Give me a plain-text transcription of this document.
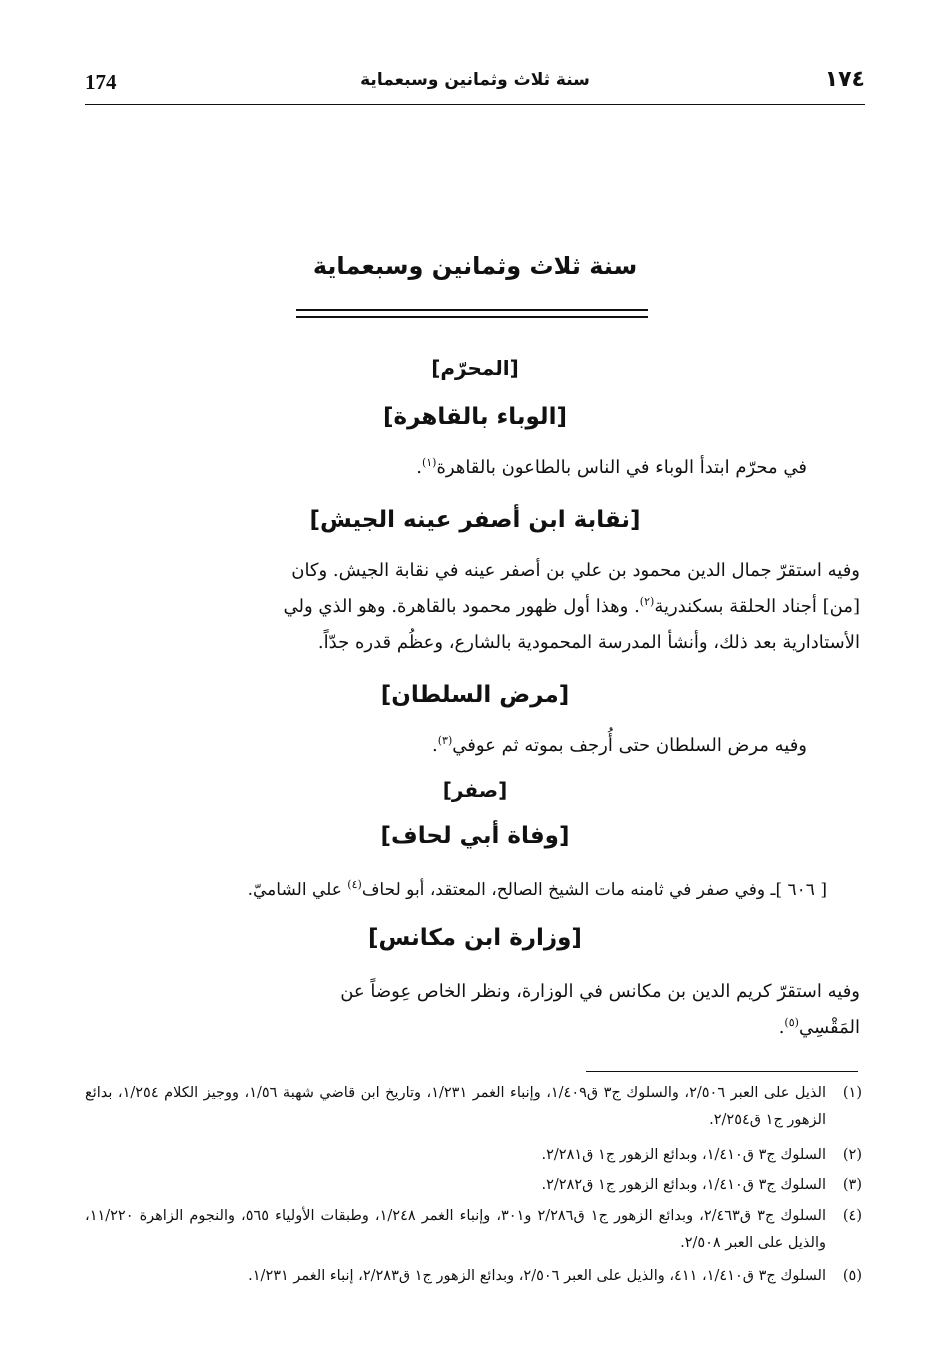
174	سنة ثلاث وثمانين وسبعماية	١٧٤
سنة ثلاث وثمانين وسبعماية
[المحرّم]
[الوباء بالقاهرة]
في محرّم ابتدأ الوباء في الناس بالطاعون بالقاهرة$^{(١)}$.
[نقابة ابن أصفر عينه الجيش]
وفيه استقرّ جمال الدين محمود بن علي بن أصفر عينه في نقابة الجيش. وكان
[من] أجناد الحلقة بسكندرية$^{(٢)}$. وهذا أول ظهور محمود بالقاهرة. وهو الذي ولي
الأستادارية بعد ذلك، وأنشأ المدرسة المحمودية بالشارع، وعظُم قدره جدّاً.
[مرض السلطان]
وفيه مرض السلطان حتى أُرجف بموته ثم عوفي$^{(٣)}$.
[صفر]
[وفاة أبي لحاف]
[ ٦٠٦ ]ـ وفي صفر في ثامنه مات الشيخ الصالح، المعتقد، أبو لحاف$^{(٤)}$ علي الشاميّ.
[وزارة ابن مكانس]
وفيه استقرّ كريم الدين بن مكانس في الوزارة، ونظر الخاص عِوضاً عن
المَقْسِي$^{(٥)}$.
(١)
الذيل على العبر ٢/٥٠٦، والسلوك ج٣ ق١/٤٠٩، وإنباء الغمر ١/٢٣١، وتاريخ ابن قاضي شهبة ١/٥٦، ووجيز الكلام ١/٢٥٤، بدائع الزهور ج١ ق٢/٢٥٤.
(٢)
السلوك ج٣ ق١/٤١٠، وبدائع الزهور ج١ ق٢/٢٨١.
(٣)
السلوك ج٣ ق١/٤١٠، وبدائع الزهور ج١ ق٢/٢٨٢.
(٤)
السلوك ج٣ ق٢/٤٦٣، وبدائع الزهور ج١ ق٢/٢٨٦ و٣٠١، وإنباء الغمر ١/٢٤٨، وطبقات الأولياء ٥٦٥، والنجوم الزاهرة ١١/٢٢٠، والذيل على العبر ٢/٥٠٨.
(٥)
السلوك ج٣ ق١/٤١٠، ٤١١، والذيل على العبر ٢/٥٠٦، وبدائع الزهور ج١ ق٢/٢٨٣، إنباء الغمر ١/٢٣١.
